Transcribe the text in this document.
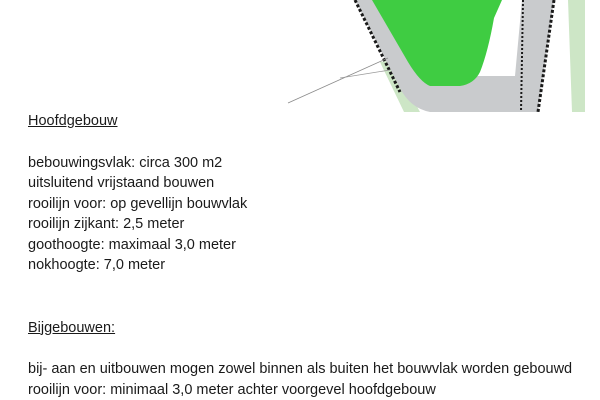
Hoofdgebouw

bebouwingsvlak: circa 300 m2

uitsluitend vrijstaand bouwen

rooilijn voor: op gevellijn bouwvlak

rooilijn zijkant: 2,5 meter

goothoogte: maximaal 3,0 meter

nokhoogte: 7,0 meter

Bijgebouwen:

bij- aan en uitbouwen mogen zowel binnen als buiten het bouwvlak worden gebouwd

rooilijn voor: minimaal 3,0 meter achter voorgevel hoofdgebouw
